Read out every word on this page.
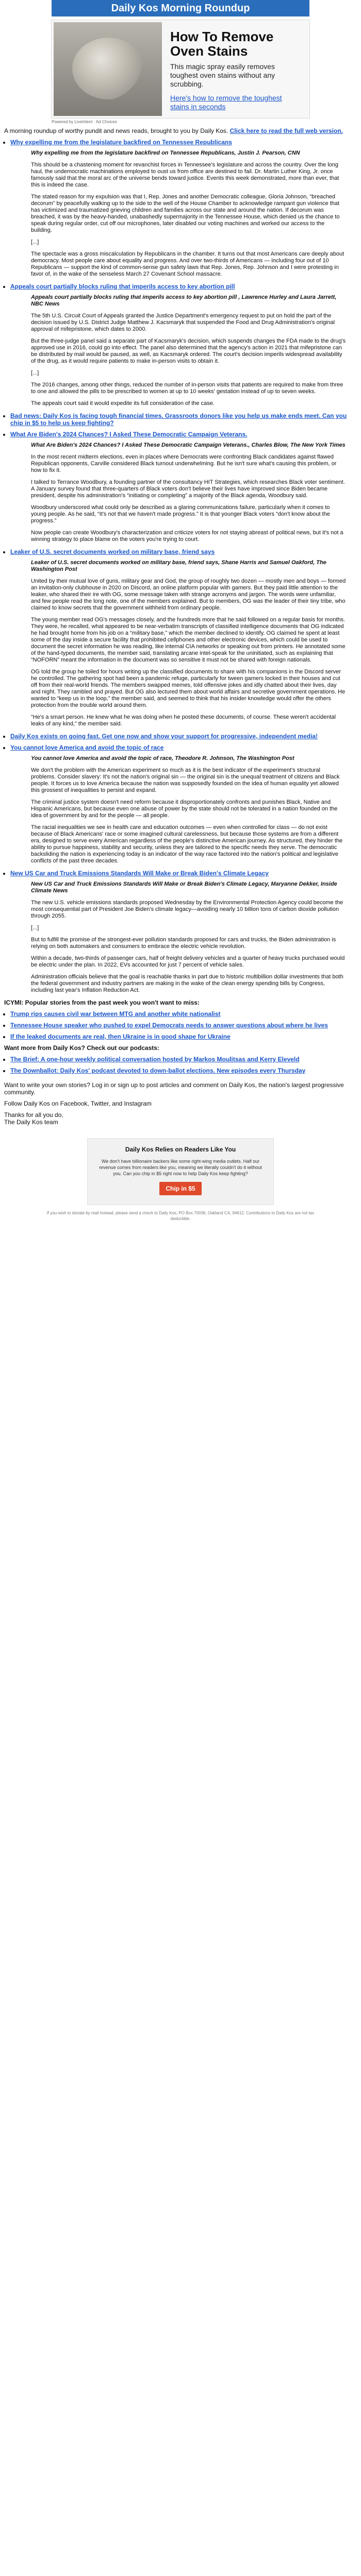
Daily Kos Morning Roundup
How To Remove Oven Stains
This magic spray easily removes toughest oven stains without any scrubbing.
Here's how to remove the toughest stains in seconds
Powered by LiveIntent · Ad Choices
A morning roundup of worthy pundit and news reads, brought to you by Daily Kos. Click here to read the full web version.
• Why expelling me from the legislature backfired on Tennessee Republicans

Why expelling me from the legislature backfired on Tennessee Republicans, Justin J. Pearson, CNN

This should be a chastening moment for revanchist forces in Tennessee's legislature and across the country. Over the long haul, the undemocratic machinations employed to oust us from office are destined to fail. Dr. Martin Luther King, Jr. once famously said that the moral arc of the universe bends toward justice. Events this week demonstrated, more than ever, that this is indeed the case.

The stated reason for my expulsion was that I, Rep. Jones and another Democratic colleague, Gloria Johnson, “breached decorum” by peacefully walking up to the side to the well of the House Chamber to acknowledge rampant gun violence that has victimized and traumatized grieving children and families across our state and around the nation. If decorum was breached, it was by the heavy-handed, unabashedly supermajority in the Tennessee House, which denied us the chance to speak during regular order, cut off our microphones, later disabled our voting machines and worked our access to the building.

[...]

The spectacle was a gross miscalculation by Republicans in the chamber. It turns out that most Americans care deeply about democracy. Most people care about equality and progress. And over two-thirds of Americans — including four out of 10 Republicans — support the kind of common-sense gun safety laws that Rep. Jones, Rep. Johnson and I were protesting in favor of, in the wake of the senseless March 27 Covenant School massacre.

• Appeals court partially blocks ruling that imperils access to key abortion pill

Appeals court partially blocks ruling that imperils access to key abortion pill , Lawrence Hurley and Laura Jarrett, NBC News

The 5th U.S. Circuit Court of Appeals granted the Justice Department's emergency request to put on hold the part of the decision issued by U.S. District Judge Matthew J. Kacsmaryk that suspended the Food and Drug Administration's original approval of mifepristone, which dates to 2000.

But the three-judge panel said a separate part of Kacsmaryk's decision, which suspends changes the FDA made to the drug's approved use in 2016, could go into effect. The panel also determined that the agency's action in 2021 that mifepristone can be distributed by mail would be paused, as well, as Kacsmaryk ordered. The court's decision imperils widespread availability of the drug, as it would require patients to make in-person visits to obtain it.

[...]

The 2016 changes, among other things, reduced the number of in-person visits that patients are required to make from three to one and allowed the pills to be prescribed to women at up to 10 weeks' gestation instead of up to seven weeks.

The appeals court said it would expedite its full consideration of the case.

• Bad news: Daily Kos is facing tough financial times. Grassroots donors like you help us make ends meet. Can you chip in $5 to help us keep fighting?
• What Are Biden's 2024 Chances? I Asked These Democratic Campaign Veterans.

What Are Biden's 2024 Chances? I Asked These Democratic Campaign Veterans., Charles Blow, The New York Times

In the most recent midterm elections, even in places where Democrats were confronting Black candidates against flawed Republican opponents, Carville considered Black turnout underwhelming. But he isn't sure what's causing this problem, or how to fix it.

I talked to Terrance Woodbury, a founding partner of the consultancy HIT Strategies, which researches Black voter sentiment. A January survey found that three-quarters of Black voters don't believe their lives have improved since Biden became president, despite his administration's “initiating or completing” a majority of the Black agenda, Woodbury said.

Woodbury underscored what could only be described as a glaring communications failure, particularly when it comes to young people. As he said, “It's not that we haven't made progress.” It is that younger Black voters “don't know about the progress.”

Now people can create Woodbury's characterization and criticize voters for not staying abreast of political news, but it's not a winning strategy to place blame on the voters you're trying to court.

• Leaker of U.S. secret documents worked on military base, friend says

Leaker of U.S. secret documents worked on military base, friend says, Shane Harris and Samuel Oakford, The Washington Post

United by their mutual love of guns, military gear and God, the group of roughly two dozen — mostly men and boys — formed an invitation-only clubhouse in 2020 on Discord, an online platform popular with gamers. But they paid little attention to the leaker, who shared their ire with OG, some message taken with strange acronyms and jargon. The words were unfamiliar, and few people read the long note, one of the members explained. But to members, OG was the leader of their tiny tribe, who claimed to know secrets that the government withheld from ordinary people.

The young member read OG's messages closely, and the hundreds more that he said followed on a regular basis for months. They were, he recalled, what appeared to be near-verbatim transcripts of classified intelligence documents that OG indicated he had brought home from his job on a “military base,” which the member declined to identify. OG claimed he spent at least some of the day inside a secure facility that prohibited cellphones and other electronic devices, which could be used to document the secret information he was reading, like internal CIA networks or speaking out from printers. He annotated some of the hand-typed documents, the member said, translating arcane intel-speak for the uninitiated, such as explaining that “NOFORN” meant the information in the document was so sensitive it must not be shared with foreign nationals.

OG told the group he toiled for hours writing up the classified documents to share with his companions in the Discord server he controlled. The gathering spot had been a pandemic refuge, particularly for tween gamers locked in their houses and cut off from their real-world friends. The members swapped memes, told offensive jokes and idly chatted about their lives, day and night. They rambled and prayed. But OG also lectured them about world affairs and secretive government operations. He wanted to “keep us in the loop,” the member said, and seemed to think that his insider knowledge would offer the others protection from the trouble world around them.

“He's a smart person. He knew what he was doing when he posted these documents, of course. These weren't accidental leaks of any kind,” the member said.

• Daily Kos exists on going fast. Get one now and show your support for progressive, independent media!
• You cannot love America and avoid the topic of race

You cannot love America and avoid the topic of race, Theodore R. Johnson, The Washington Post

We don't the problem with the American experiment so much as it is the best indicator of the experiment's structural problems. Consider slavery: It's not the nation's original sin — the original sin is the unequal treatment of citizens and Black people. It forces us to love America because the nation was supposedly founded on the idea of human equality yet allowed this grossest of inequalities to persist and expand.

The criminal justice system doesn't need reform because it disproportionately confronts and punishes Black, Native and Hispanic Americans, but because even one abuse of power by the state should not be tolerated in a nation founded on the idea of government by and for the people — all people.

The racial inequalities we see in health care and education outcomes — even when controlled for class — do not exist because of Black Americans' race or some imagined cultural carelessness, but because those systems are from a different era, designed to serve every American regardless of the people's distinctive American journey. As structured, they hinder the ability to pursue happiness, stability and security, unless they are tailored to the specific needs they serve. The democratic backsliding the nation is experiencing today is an indicator of the way race factored into the nation's political and legislative conflicts of the past three decades.

• New US Car and Truck Emissions Standards Will Make or Break Biden's Climate Legacy

New US Car and Truck Emissions Standards Will Make or Break Biden's Climate Legacy, Maryanne Dekker, Inside Climate News

The new U.S. vehicle emissions standards proposed Wednesday by the Environmental Protection Agency could become the most consequential part of President Joe Biden's climate legacy—avoiding nearly 10 billion tons of carbon dioxide pollution through 2055.

[...]

But to fulfill the promise of the strongest-ever pollution standards proposed for cars and trucks, the Biden administration is relying on both automakers and consumers to embrace the electric vehicle revolution.

Within a decade, two-thirds of passenger cars, half of freight delivery vehicles and a quarter of heavy trucks purchased would be electric under the plan. In 2022, EVs accounted for just 7 percent of vehicle sales.

Administration officials believe that the goal is reachable thanks in part due to historic multibillion dollar investments that both the federal government and industry partners are making in the wake of the clean energy spending bills by Congress, including last year's Inflation Reduction Act.

ICYMI: Popular stories from the past week you won't want to miss:
• Trump rips causes civil war between MTG and another white nationalist
• Tennessee House speaker who pushed to expel Democrats needs to answer questions about where he lives
• If the leaked documents are real, then Ukraine is in good shape for Ukraine
Want more from Daily Kos? Check out our podcasts:
• The Brief: A one-hour weekly political conversation hosted by Markos Moulitsas and Kerry Eleveld
• The Downballot: Daily Kos' podcast devoted to down-ballot elections. New episodes every Thursday
Want to write your own stories? Log in or sign up to post articles and comment on Daily Kos, the nation's largest progressive community.
Follow Daily Kos on Facebook, Twitter, and Instagram
Thanks for all you do,
The Daily Kos team
Daily Kos Relies on Readers Like You
We don't have billionaire backers like some right-wing media outlets. Half our revenue comes from readers like you, meaning we literally couldn't do it without you. Can you chip in $5 right now to help Daily Kos keep fighting?
Chip in $5
If you wish to donate by mail instead, please send a check to Daily Kos, PO Box 70036, Oakland CA, 94612. Contributions to Daily Kos are not tax deductible.
